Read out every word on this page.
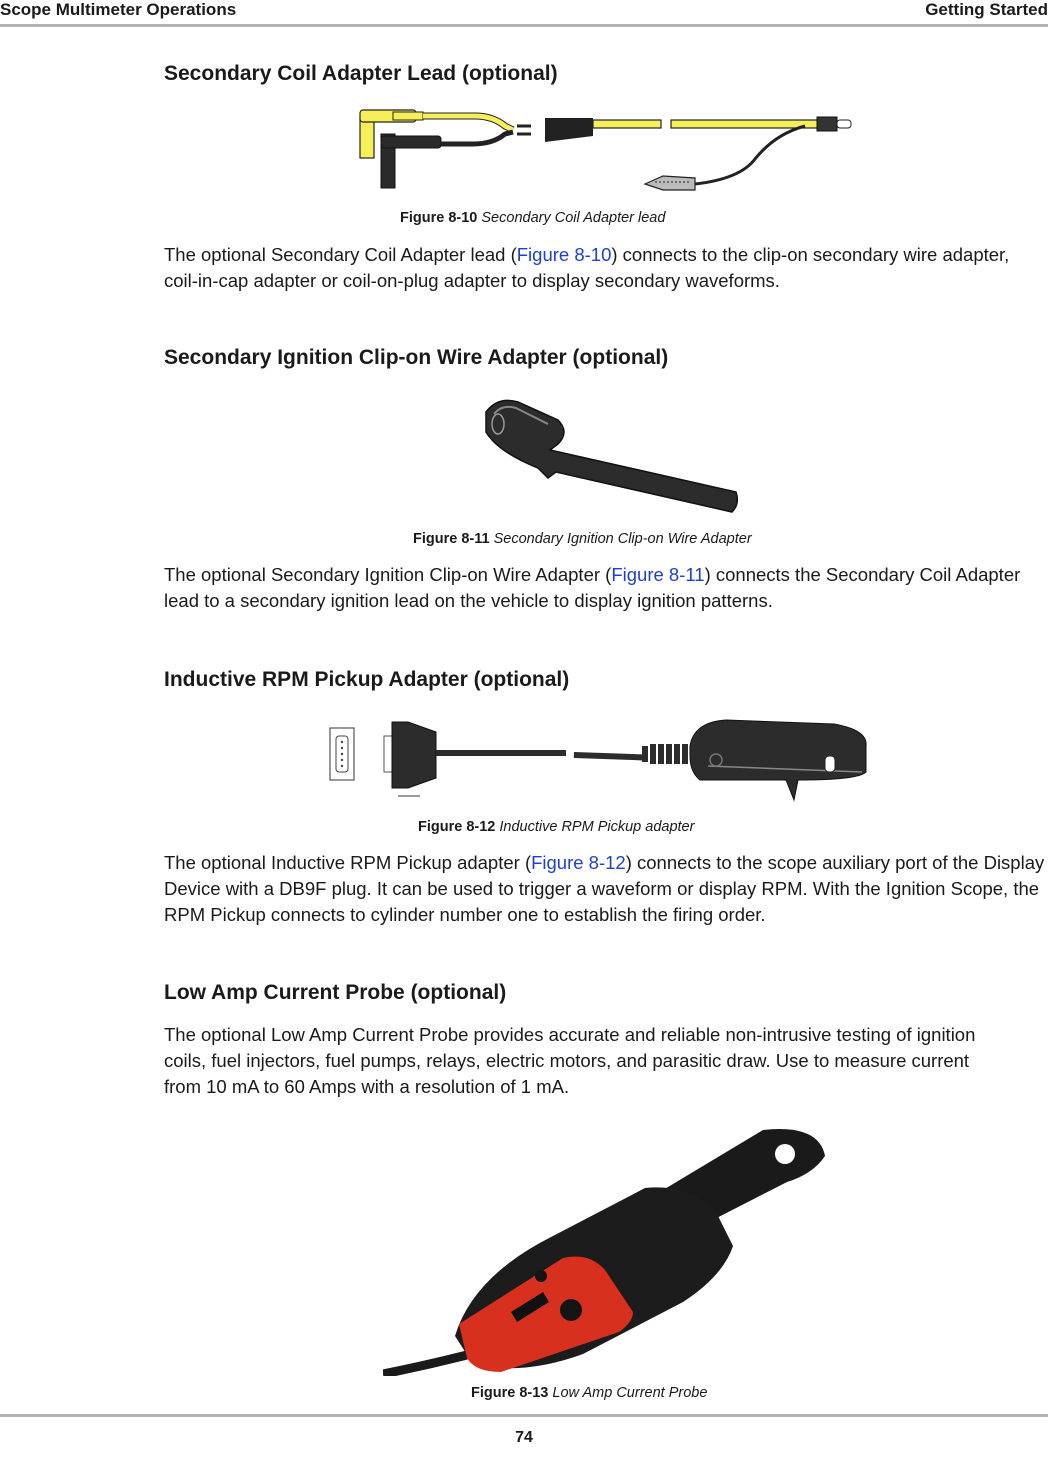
Scope Multimeter Operations	Getting Started
Secondary Coil Adapter Lead (optional)
Figure 8-10 Secondary Coil Adapter lead

The optional Secondary Coil Adapter lead (Figure 8-10) connects to the clip-on secondary wire adapter, coil-in-cap adapter or coil-on-plug adapter to display secondary waveforms.

Secondary Ignition Clip-on Wire Adapter (optional)
Figure 8-11 Secondary Ignition Clip-on Wire Adapter

The optional Secondary Ignition Clip-on Wire Adapter (Figure 8-11) connects the Secondary Coil Adapter lead to a secondary ignition lead on the vehicle to display ignition patterns.

Inductive RPM Pickup Adapter (optional)
Figure 8-12 Inductive RPM Pickup adapter

The optional Inductive RPM Pickup adapter (Figure 8-12) connects to the scope auxiliary port of the Display Device with a DB9F plug. It can be used to trigger a waveform or display RPM. With the Ignition Scope, the RPM Pickup connects to cylinder number one to establish the firing order.

Low Amp Current Probe (optional)

The optional Low Amp Current Probe provides accurate and reliable non-intrusive testing of ignition coils, fuel injectors, fuel pumps, relays, electric motors, and parasitic draw. Use to measure current from 10 mA to 60 Amps with a resolution of 1 mA.

Figure 8-13 Low Amp Current Probe
74
